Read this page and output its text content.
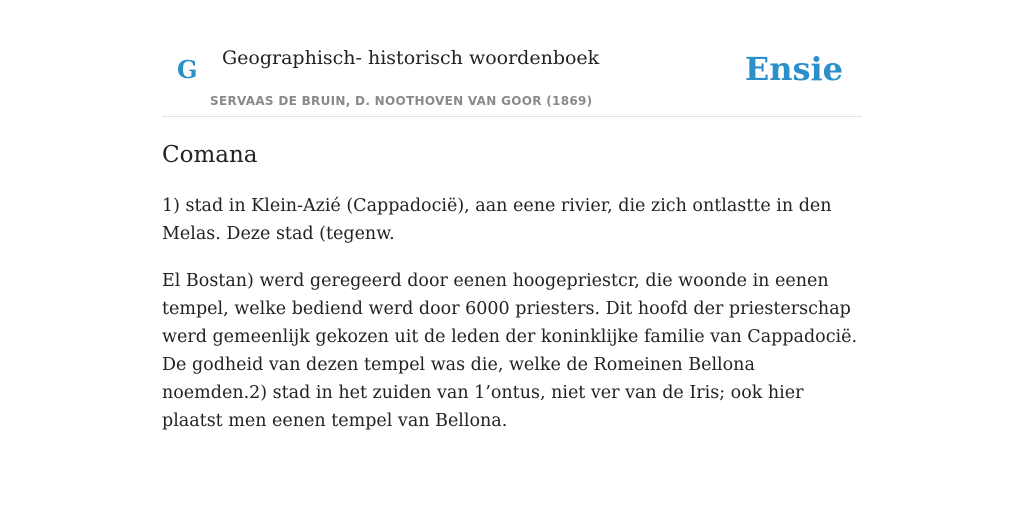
G Geographisch- historisch woordenboek
SERVAAS DE BRUIN, D. NOOTHOVEN VAN GOOR (1869)
Ensie
Comana

1) stad in Klein-Azié (Cappadocië), aan eene rivier, die zich ontlastte in den Melas. Deze stad (tegenw.

El Bostan) werd geregeerd door eenen hoogepriestcr, die woonde in eenen tempel, welke bediend werd door 6000 priesters. Dit hoofd der priesterschap werd gemeenlijk gekozen uit de leden der koninklijke familie van Cappadocië. De godheid van dezen tempel was die, welke de Romeinen Bellona noemden.2) stad in het zuiden van 1’ontus, niet ver van de Iris; ook hier plaatst men eenen tempel van Bellona.
